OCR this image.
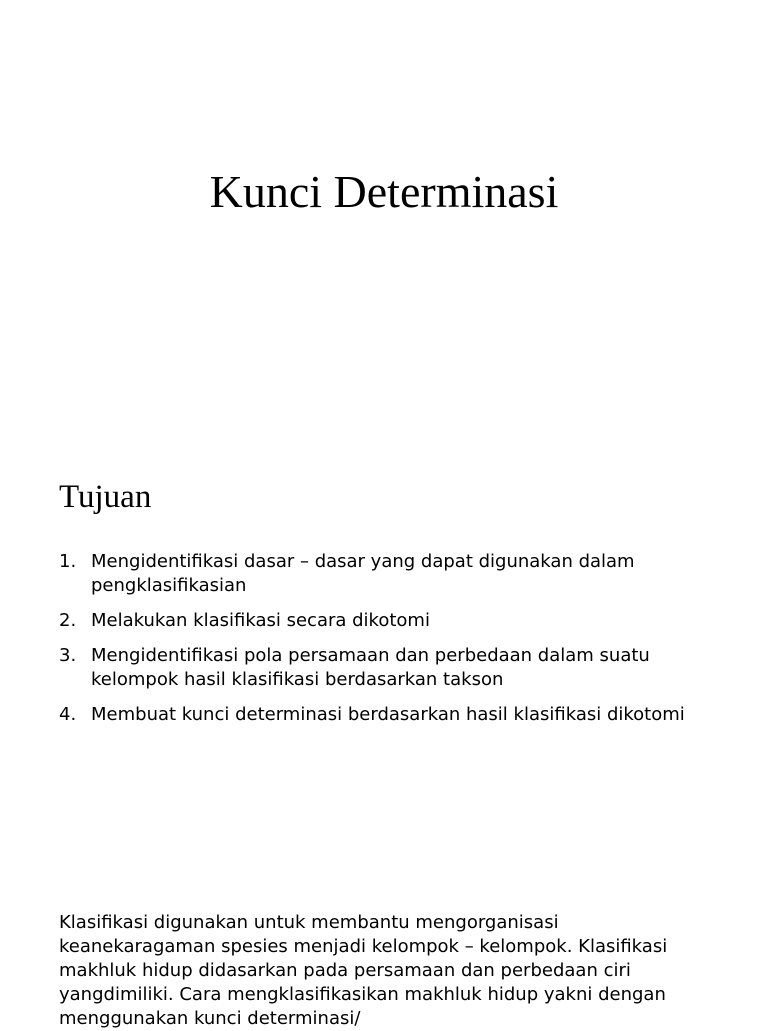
Kunci Determinasi
Tujuan
1. Mengidentifikasi dasar – dasar yang dapat digunakan dalam pengklasifikasian
2. Melakukan klasifikasi secara dikotomi
3. Mengidentifikasi pola persamaan dan perbedaan dalam suatu kelompok hasil klasifikasi berdasarkan takson
4. Membuat kunci determinasi berdasarkan hasil klasifikasi dikotomi

Klasifikasi digunakan untuk membantu mengorganisasi keanekaragaman spesies menjadi kelompok – kelompok. Klasifikasi makhluk hidup didasarkan pada persamaan dan perbedaan ciri yangdimiliki. Cara mengklasifikasikan makhluk hidup yakni dengan menggunakan kunci determinasi/
